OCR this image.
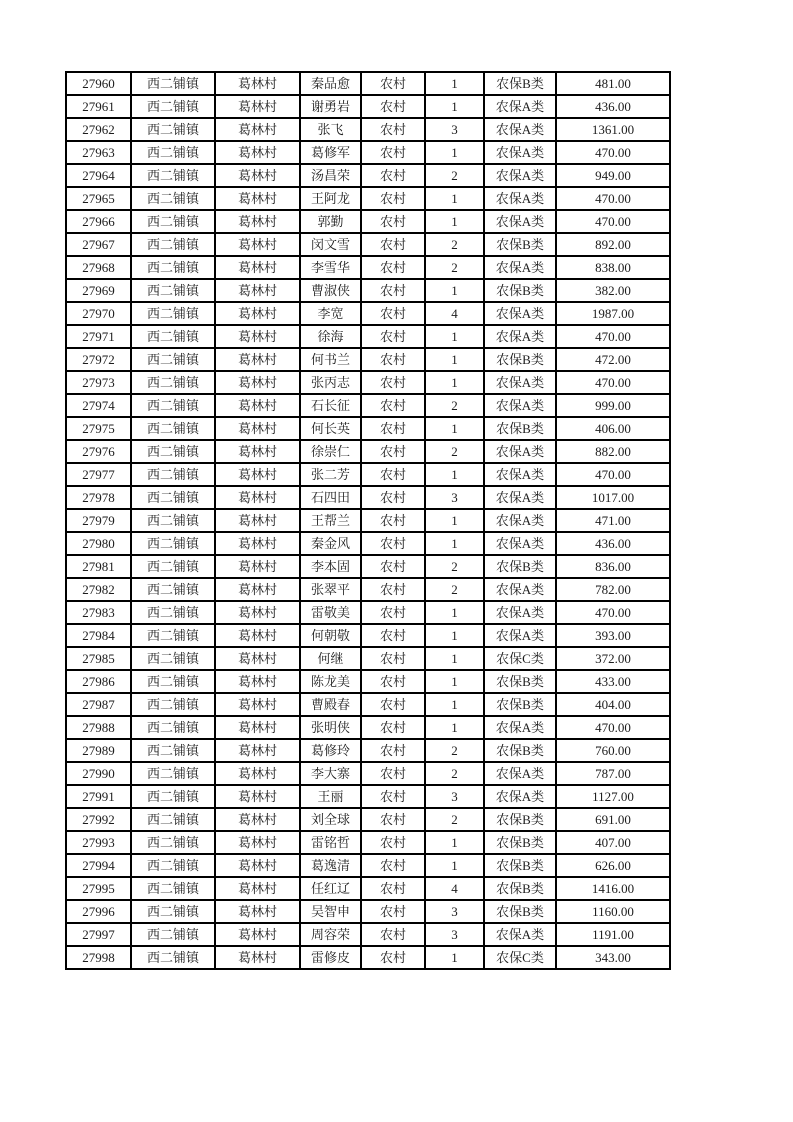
27960	西二铺镇	葛林村	秦品愈	农村	1	农保B类	481.00
27961	西二铺镇	葛林村	谢勇岩	农村	1	农保A类	436.00
27962	西二铺镇	葛林村	张飞	农村	3	农保A类	1361.00
27963	西二铺镇	葛林村	葛修军	农村	1	农保A类	470.00
27964	西二铺镇	葛林村	汤昌荣	农村	2	农保A类	949.00
27965	西二铺镇	葛林村	王阿龙	农村	1	农保A类	470.00
27966	西二铺镇	葛林村	郭勤	农村	1	农保A类	470.00
27967	西二铺镇	葛林村	闵文雪	农村	2	农保B类	892.00
27968	西二铺镇	葛林村	李雪华	农村	2	农保A类	838.00
27969	西二铺镇	葛林村	曹淑侠	农村	1	农保B类	382.00
27970	西二铺镇	葛林村	李宽	农村	4	农保A类	1987.00
27971	西二铺镇	葛林村	徐海	农村	1	农保A类	470.00
27972	西二铺镇	葛林村	何书兰	农村	1	农保B类	472.00
27973	西二铺镇	葛林村	张丙志	农村	1	农保A类	470.00
27974	西二铺镇	葛林村	石长征	农村	2	农保A类	999.00
27975	西二铺镇	葛林村	何长英	农村	1	农保B类	406.00
27976	西二铺镇	葛林村	徐崇仁	农村	2	农保A类	882.00
27977	西二铺镇	葛林村	张二芳	农村	1	农保A类	470.00
27978	西二铺镇	葛林村	石四田	农村	3	农保A类	1017.00
27979	西二铺镇	葛林村	王帮兰	农村	1	农保A类	471.00
27980	西二铺镇	葛林村	秦金风	农村	1	农保A类	436.00
27981	西二铺镇	葛林村	李本固	农村	2	农保B类	836.00
27982	西二铺镇	葛林村	张翠平	农村	2	农保A类	782.00
27983	西二铺镇	葛林村	雷敬美	农村	1	农保A类	470.00
27984	西二铺镇	葛林村	何朝敬	农村	1	农保A类	393.00
27985	西二铺镇	葛林村	何继	农村	1	农保C类	372.00
27986	西二铺镇	葛林村	陈龙美	农村	1	农保B类	433.00
27987	西二铺镇	葛林村	曹殿春	农村	1	农保B类	404.00
27988	西二铺镇	葛林村	张明侠	农村	1	农保A类	470.00
27989	西二铺镇	葛林村	葛修玲	农村	2	农保B类	760.00
27990	西二铺镇	葛林村	李大寨	农村	2	农保A类	787.00
27991	西二铺镇	葛林村	王丽	农村	3	农保A类	1127.00
27992	西二铺镇	葛林村	刘全球	农村	2	农保B类	691.00
27993	西二铺镇	葛林村	雷铭哲	农村	1	农保B类	407.00
27994	西二铺镇	葛林村	葛逸清	农村	1	农保B类	626.00
27995	西二铺镇	葛林村	任红辽	农村	4	农保B类	1416.00
27996	西二铺镇	葛林村	吴智申	农村	3	农保B类	1160.00
27997	西二铺镇	葛林村	周容荣	农村	3	农保A类	1191.00
27998	西二铺镇	葛林村	雷修皮	农村	1	农保C类	343.00
